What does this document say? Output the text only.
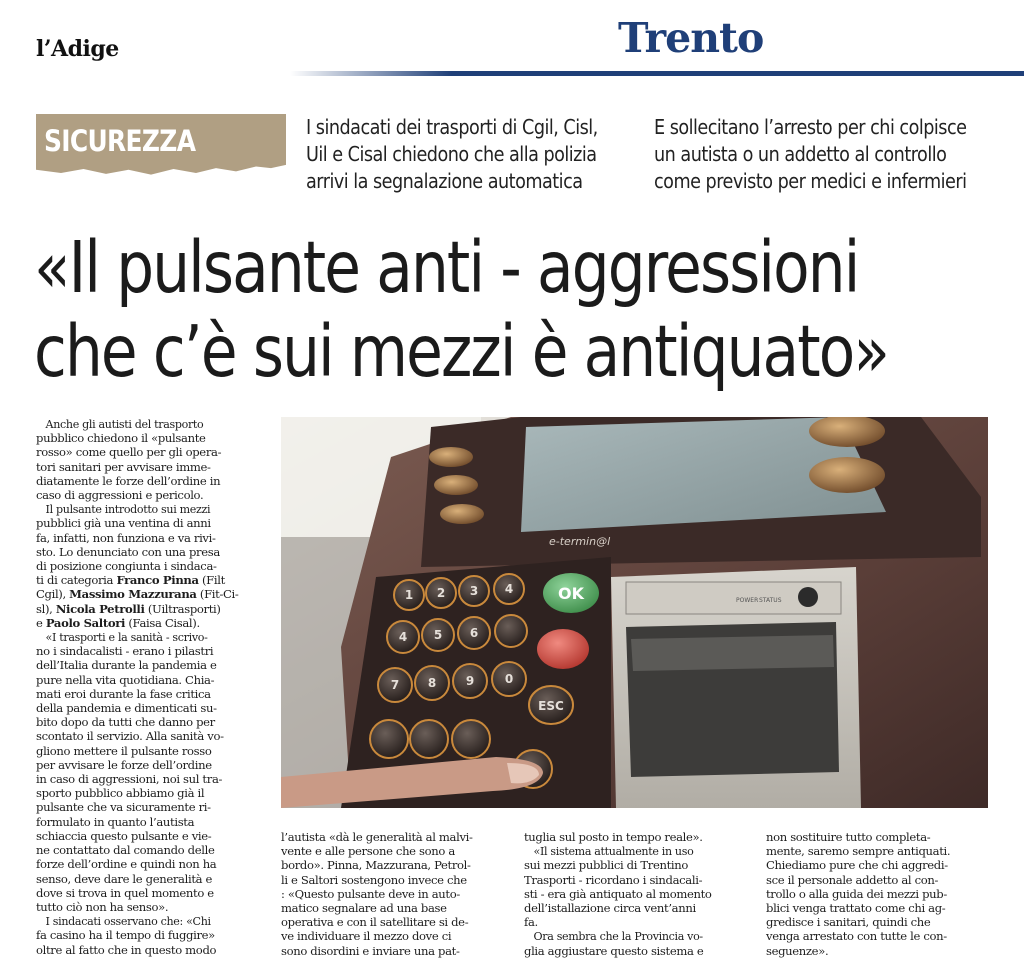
l’Adige	Trento
SICUREZZA	I sindacati dei trasporti di Cgil, Cisl,
Uil e Cisal chiedono che alla polizia
arrivi la segnalazione automatica
E sollecitano l’arresto per chi colpisce
un autista o un addetto al controllo
come previsto per medici e infermieri
«Il pulsante anti - aggressioni
che c’è sui mezzi è antiquato»
e-termin@l
1 2 3 4
4 5 6
7 8 9	0
OK
ESC
POWER STATUS
Anche gli autisti del trasporto
pubblico chiedono il «pulsante
rosso» come quello per gli opera-
tori sanitari per avvisare imme-
diatamente le forze dell’ordine in
caso di aggressioni e pericolo.
Il pulsante introdotto sui mezzi
pubblici già una ventina di anni
fa, infatti, non funziona e va rivi-
sto. Lo denunciato con una presa
di posizione congiunta i sindaca-
ti di categoria Franco Pinna (Filt
Cgil), Massimo Mazzurana (Fit-Ci-
sl), Nicola Petrolli (Uiltrasporti)
e Paolo Saltori (Faisa Cisal).
«I trasporti e la sanità - scrivo-
no i sindacalisti - erano i pilastri
dell’Italia durante la pandemia e
pure nella vita quotidiana. Chia-
mati eroi durante la fase critica
della pandemia e dimenticati su-
bito dopo da tutti che danno per
scontato il servizio. Alla sanità vo-
gliono mettere il pulsante rosso
per avvisare le forze dell’ordine
in caso di aggressioni, noi sul tra-
sporto pubblico abbiamo già il
pulsante che va sicuramente ri-
formulato in quanto l’autista
schiaccia questo pulsante e vie-
ne contattato dal comando delle
forze dell’ordine e quindi non ha
senso, deve dare le generalità e
dove si trova in quel momento e
tutto ciò non ha senso».
I sindacati osservano che: «Chi
fa casino ha il tempo di fuggire»
oltre al fatto che in questo modo
l’autista «dà le generalità al malvi-
vente e alle persone che sono a
bordo». Pinna, Mazzurana, Petrol-
li e Saltori sostengono invece che
: «Questo pulsante deve in auto-
matico segnalare ad una base
operativa e con il satellitare si de-
ve individuare il mezzo dove ci
sono disordini e inviare una pat-
tuglia sul posto in tempo reale».
«Il sistema attualmente in uso
sui mezzi pubblici di Trentino
Trasporti - ricordano i sindacali-
sti - era già antiquato al momento
dell’istallazione circa vent’anni
fa.
Ora sembra che la Provincia vo-
glia aggiustare questo sistema e
non sostituire tutto completa-
mente, saremo sempre antiquati.
Chiediamo pure che chi aggredi-
sce il personale addetto al con-
trollo o alla guida dei mezzi pub-
blici venga trattato come chi ag-
gredisce i sanitari, quindi che
venga arrestato con tutte le con-
seguenze».
